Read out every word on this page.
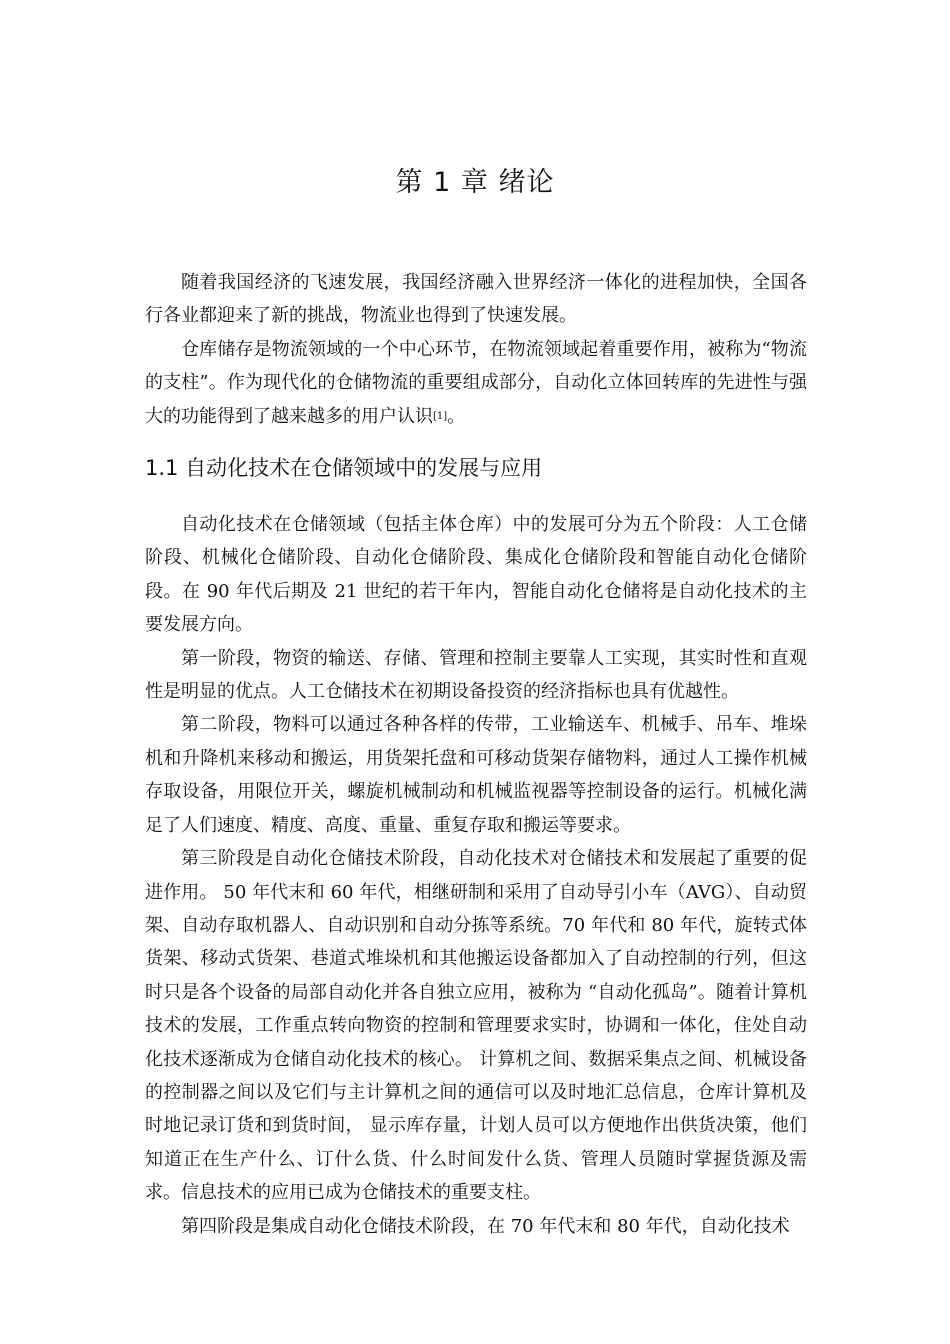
第 1 章 绪论

随着我国经济的飞速发展，我国经济融入世界经济一体化的进程加快，全国各行各业都迎来了新的挑战，物流业也得到了快速发展。

仓库储存是物流领域的一个中心环节，在物流领域起着重要作用，被称为“物流的支柱”。作为现代化的仓储物流的重要组成部分，自动化立体回转库的先进性与强大的功能得到了越来越多的用户认识[1]。

1.1 自动化技术在仓储领域中的发展与应用

自动化技术在仓储领域（包括主体仓库）中的发展可分为五个阶段：人工仓储阶段、机械化仓储阶段、自动化仓储阶段、集成化仓储阶段和智能自动化仓储阶段。在 90 年代后期及 21 世纪的若干年内，智能自动化仓储将是自动化技术的主要发展方向。

第一阶段，物资的输送、存储、管理和控制主要靠人工实现，其实时性和直观性是明显的优点。人工仓储技术在初期设备投资的经济指标也具有优越性。

第二阶段，物料可以通过各种各样的传带，工业输送车、机械手、吊车、堆垛机和升降机来移动和搬运，用货架托盘和可移动货架存储物料，通过人工操作机械存取设备，用限位开关，螺旋机械制动和机械监视器等控制设备的运行。机械化满足了人们速度、精度、高度、重量、重复存取和搬运等要求。

第三阶段是自动化仓储技术阶段，自动化技术对仓储技术和发展起了重要的促进作用。 50 年代末和 60 年代，相继研制和采用了自动导引小车（AVG）、自动贸架、自动存取机器人、自动识别和自动分拣等系统。70 年代和 80 年代，旋转式体货架、移动式货架、巷道式堆垛机和其他搬运设备都加入了自动控制的行列，但这时只是各个设备的局部自动化并各自独立应用，被称为 “自动化孤岛”。随着计算机技术的发展，工作重点转向物资的控制和管理要求实时，协调和一体化，住处自动化技术逐渐成为仓储自动化技术的核心。 计算机之间、数据采集点之间、机械设备的控制器之间以及它们与主计算机之间的通信可以及时地汇总信息，仓库计算机及时地记录订货和到货时间， 显示库存量，计划人员可以方便地作出供货决策，他们知道正在生产什么、订什么货、什么时间发什么货、管理人员随时掌握货源及需求。信息技术的应用已成为仓储技术的重要支柱。

第四阶段是集成自动化仓储技术阶段，在 70 年代末和 80 年代，自动化技术
